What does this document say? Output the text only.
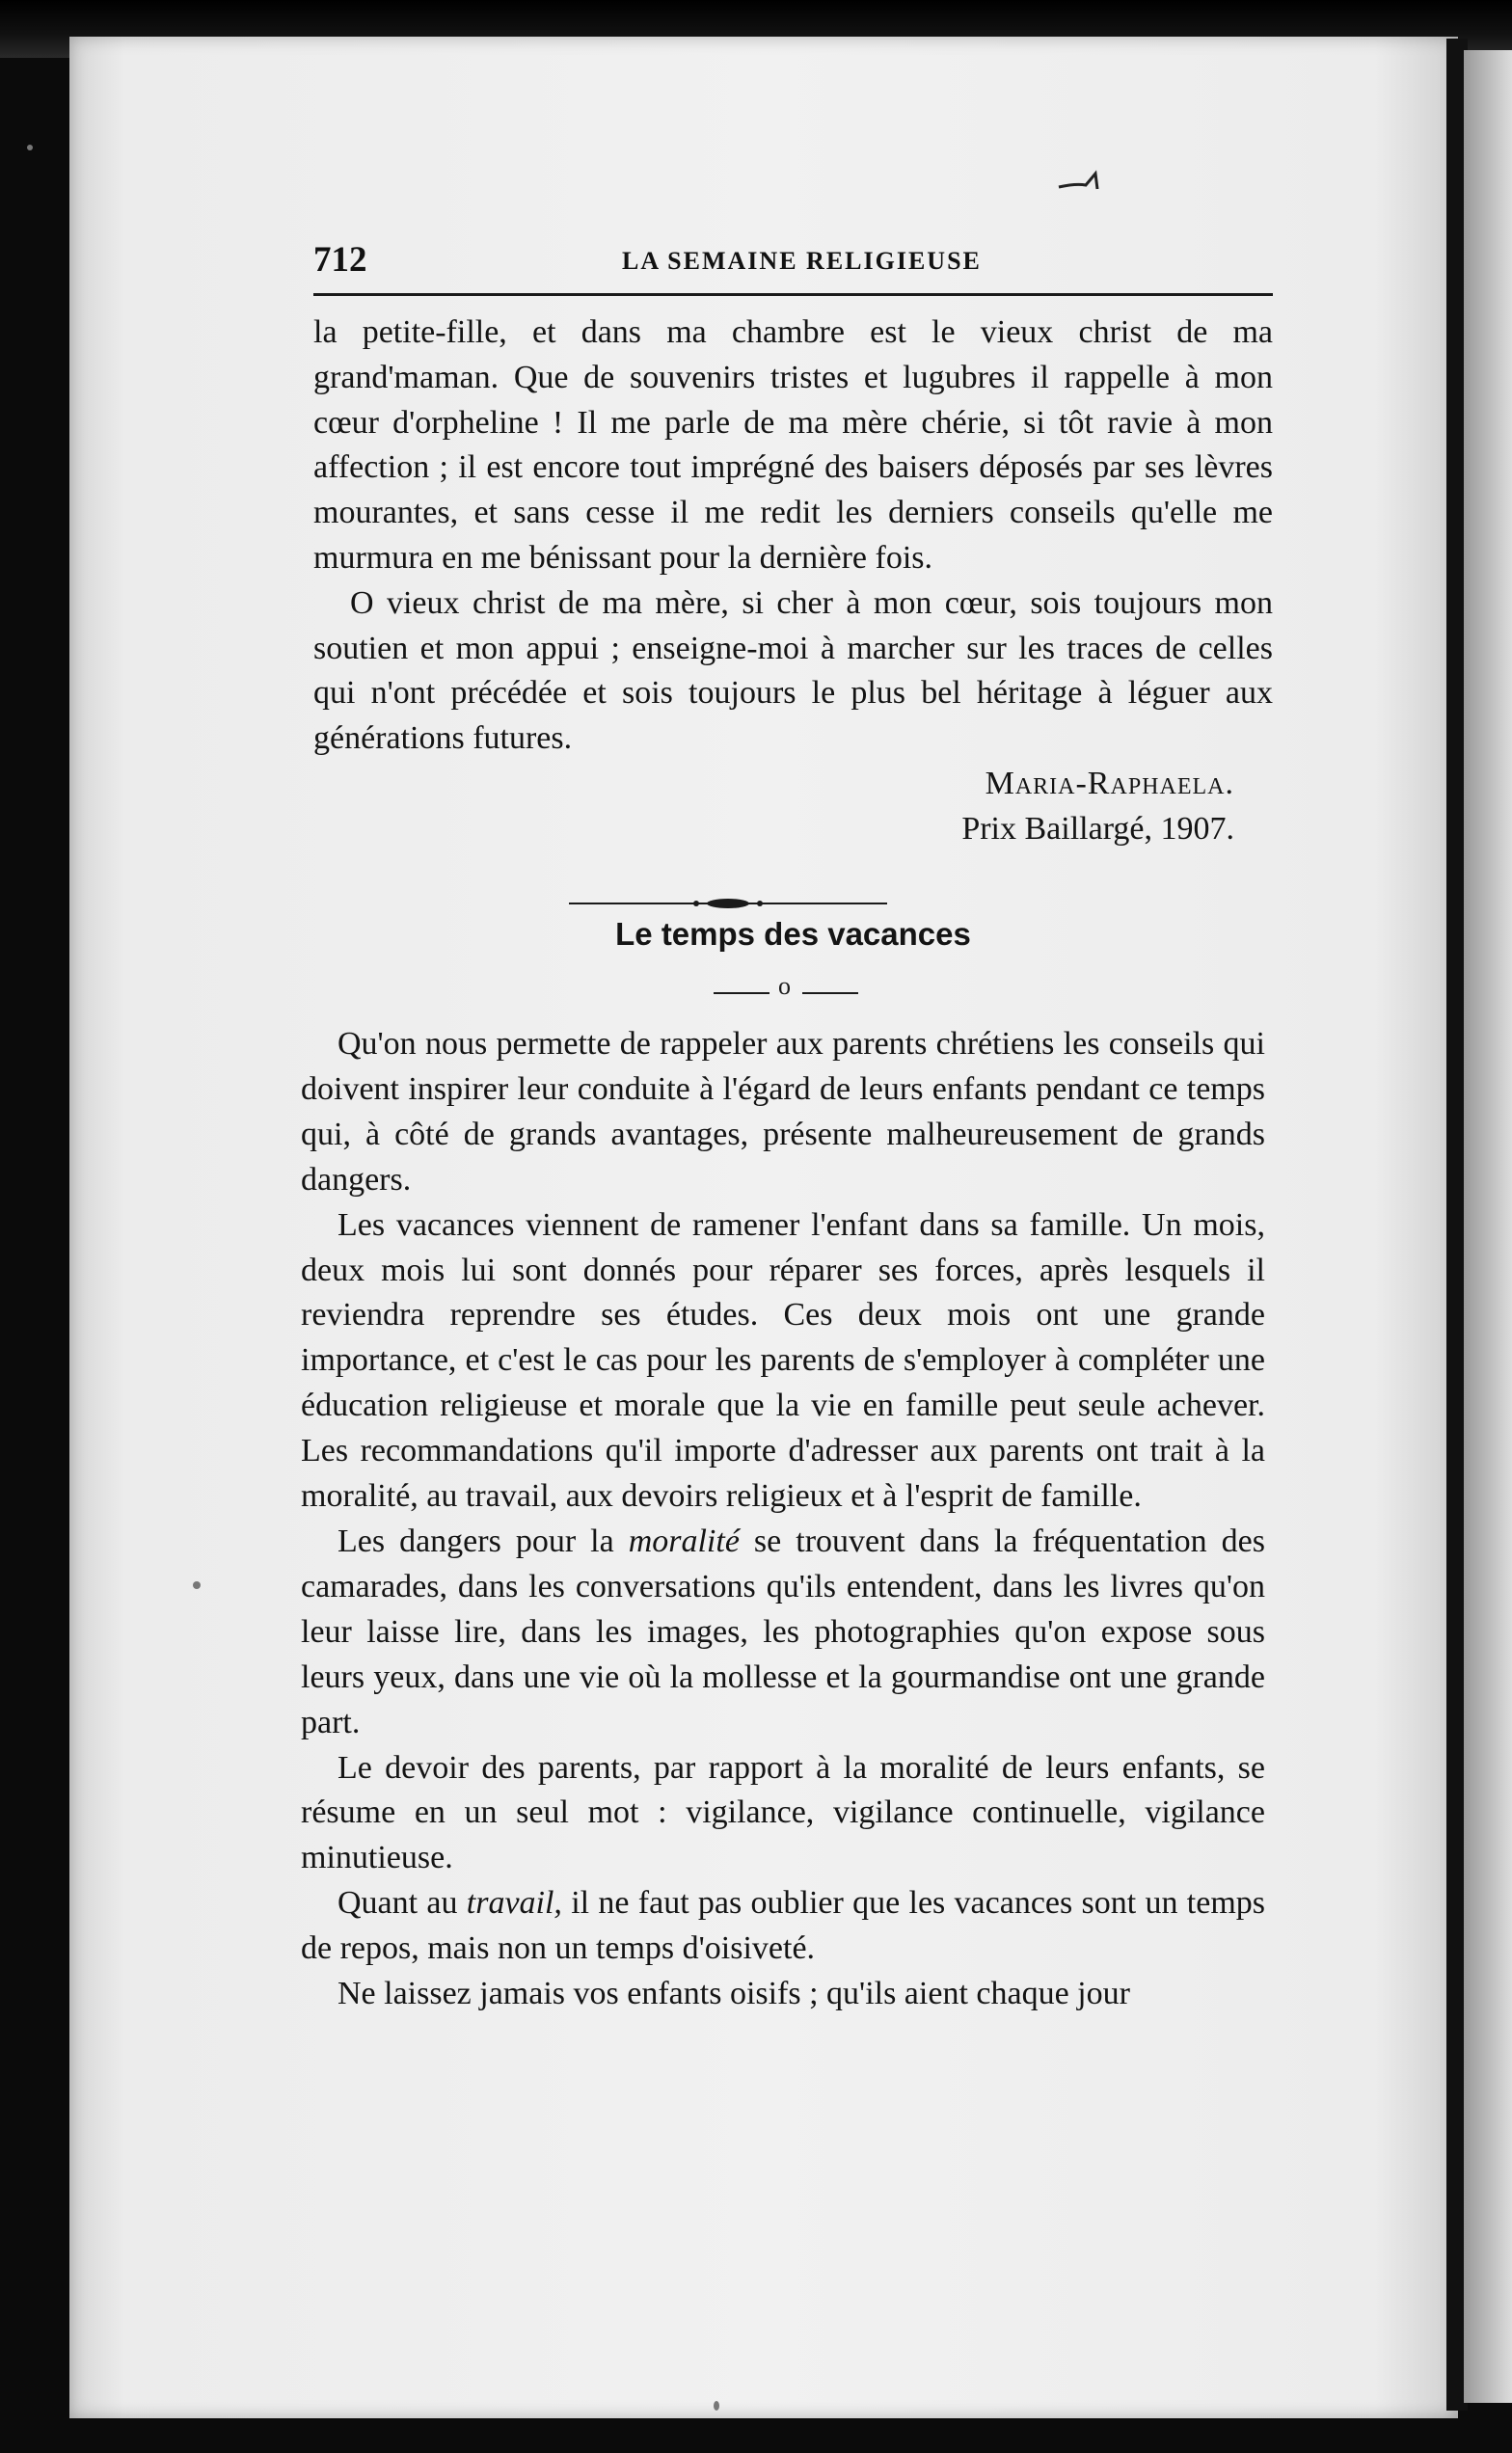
712	LA SEMAINE RELIGIEUSE

la petite-fille, et dans ma chambre est le vieux christ de ma grand'maman. Que de souvenirs tristes et lugubres il rappelle à mon cœur d'orpheline ! Il me parle de ma mère chérie, si tôt ravie à mon affection ; il est encore tout imprégné des baisers déposés par ses lèvres mourantes, et sans cesse il me redit les derniers conseils qu'elle me murmura en me bénissant pour la dernière fois.

O vieux christ de ma mère, si cher à mon cœur, sois toujours mon soutien et mon appui ; enseigne-moi à marcher sur les traces de celles qui n'ont précédée et sois toujours le plus bel héritage à léguer aux générations futures.

Maria-Raphaela.

Prix Baillargé, 1907.

Le temps des vacances
o

Qu'on nous permette de rappeler aux parents chrétiens les conseils qui doivent inspirer leur conduite à l'égard de leurs enfants pendant ce temps qui, à côté de grands avantages, présente malheureusement de grands dangers.

Les vacances viennent de ramener l'enfant dans sa famille. Un mois, deux mois lui sont donnés pour réparer ses forces, après lesquels il reviendra reprendre ses études. Ces deux mois ont une grande importance, et c'est le cas pour les parents de s'employer à compléter une éducation religieuse et morale que la vie en famille peut seule achever. Les recommandations qu'il importe d'adresser aux parents ont trait à la moralité, au travail, aux devoirs religieux et à l'esprit de famille.

Les dangers pour la moralité se trouvent dans la fréquentation des camarades, dans les conversations qu'ils entendent, dans les livres qu'on leur laisse lire, dans les images, les photographies qu'on expose sous leurs yeux, dans une vie où la mollesse et la gourmandise ont une grande part.

Le devoir des parents, par rapport à la moralité de leurs enfants, se résume en un seul mot : vigilance, vigilance continuelle, vigilance minutieuse.

Quant au travail, il ne faut pas oublier que les vacances sont un temps de repos, mais non un temps d'oisiveté.

Ne laissez jamais vos enfants oisifs ; qu'ils aient chaque jour
